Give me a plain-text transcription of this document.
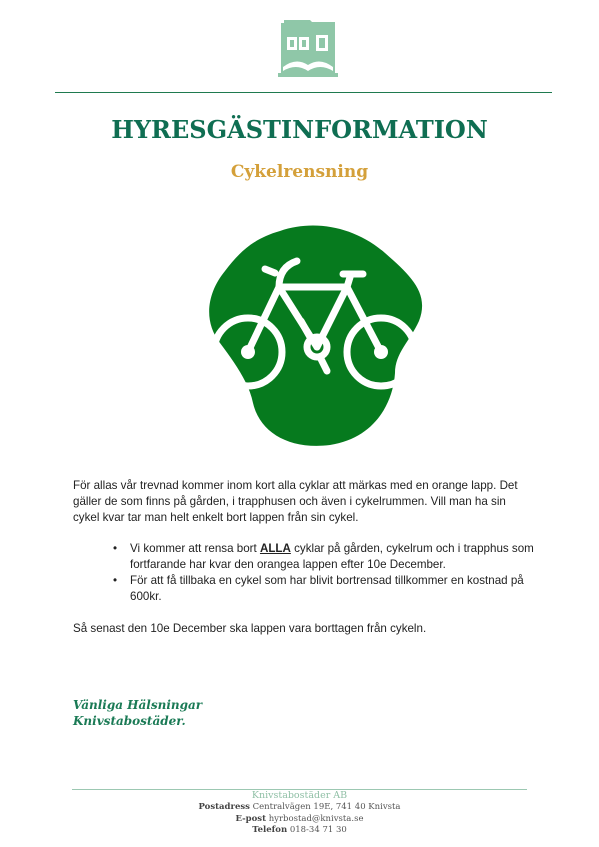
HYRESGÄSTINFORMATION
Cykelrensning
För allas vår trevnad kommer inom kort alla cyklar att märkas med en orange lapp. Det gäller de som finns på gården, i trapphusen och även i cykelrummen. Vill man ha sin cykel kvar tar man helt enkelt bort lappen från sin cykel.
• Vi kommer att rensa bort ALLA cyklar på gården, cykelrum och i trapphus som fortfarande har kvar den orangea lappen efter 10e December.
• För att få tillbaka en cykel som har blivit bortrensad tillkommer en kostnad på 600kr.
Så senast den 10e December ska lappen vara borttagen från cykeln.
Vänliga Hälsningar
Knivstabostäder.
Knivstabostäder AB
Postadress Centralvägen 19E, 741 40 Knivsta
E-post hyrbostad@knivsta.se
Telefon 018-34 71 30
